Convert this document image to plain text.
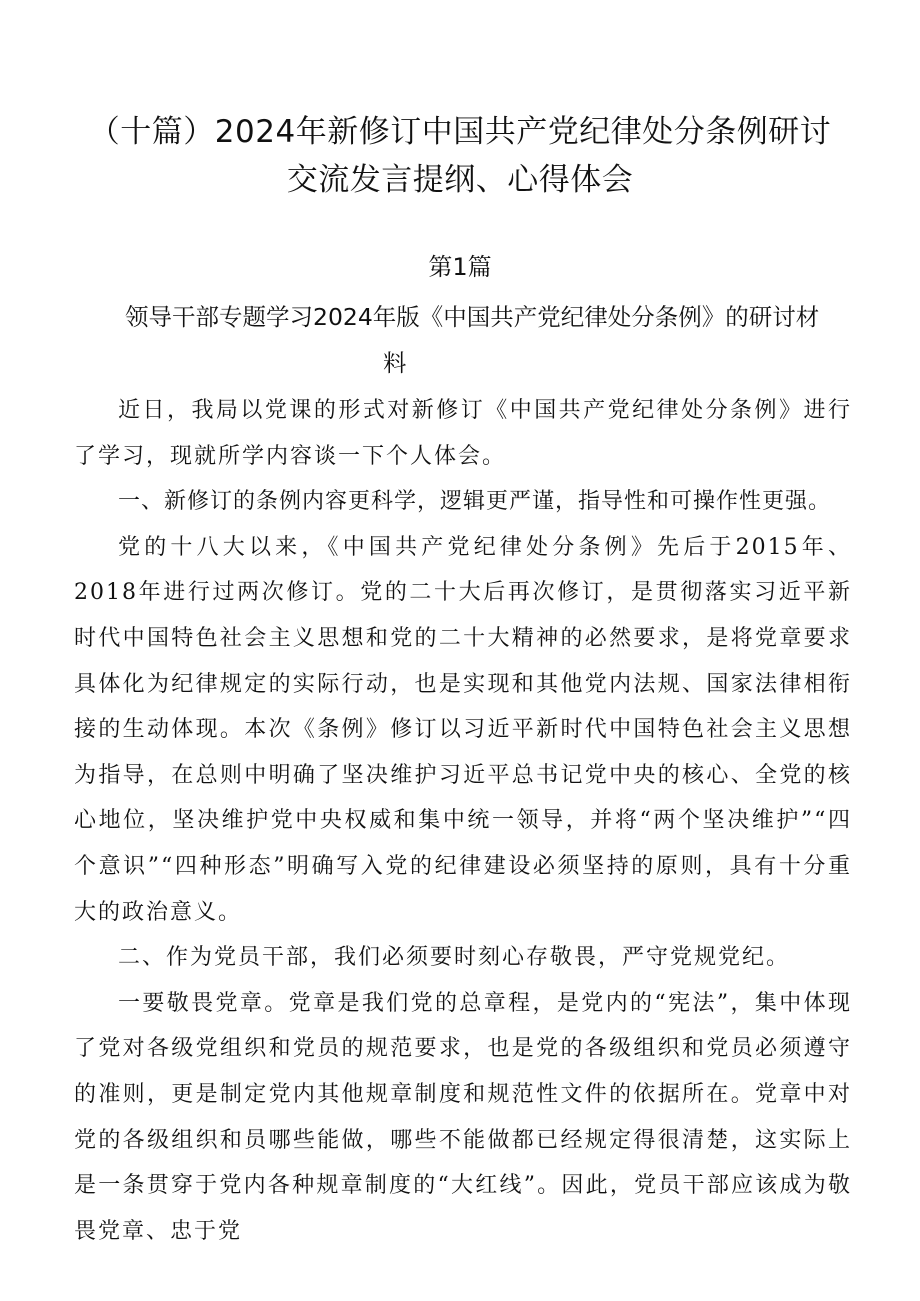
（十篇）2024年新修订中国共产党纪律处分条例研讨
交流发言提纲、心得体会
第1篇
领导干部专题学习2024年版《中国共产党纪律处分条例》的研讨材
料

近日，我局以党课的形式对新修订《中国共产党纪律处分条例》进行了学习，现就所学内容谈一下个人体会。

一、新修订的条例内容更科学，逻辑更严谨，指导性和可操作性更强。

党的十八大以来，《中国共产党纪律处分条例》先后于2015年、2018年进行过两次修订。党的二十大后再次修订，是贯彻落实习近平新时代中国特色社会主义思想和党的二十大精神的必然要求，是将党章要求具体化为纪律规定的实际行动，也是实现和其他党内法规、国家法律相衔接的生动体现。本次《条例》修订以习近平新时代中国特色社会主义思想为指导，在总则中明确了坚决维护习近平总书记党中央的核心、全党的核心地位，坚决维护党中央权威和集中统一领导，并将“两个坚决维护”“四个意识”“四种形态”明确写入党的纪律建设必须坚持的原则，具有十分重大的政治意义。

二、作为党员干部，我们必须要时刻心存敬畏，严守党规党纪。

一要敬畏党章。党章是我们党的总章程，是党内的“宪法”，集中体现了党对各级党组织和党员的规范要求，也是党的各级组织和党员必须遵守的准则，更是制定党内其他规章制度和规范性文件的依据所在。党章中对党的各级组织和员哪些能做，哪些不能做都已经规定得很清楚，这实际上是一条贯穿于党内各种规章制度的“大红线”。因此，党员干部应该成为敬畏党章、忠于党
